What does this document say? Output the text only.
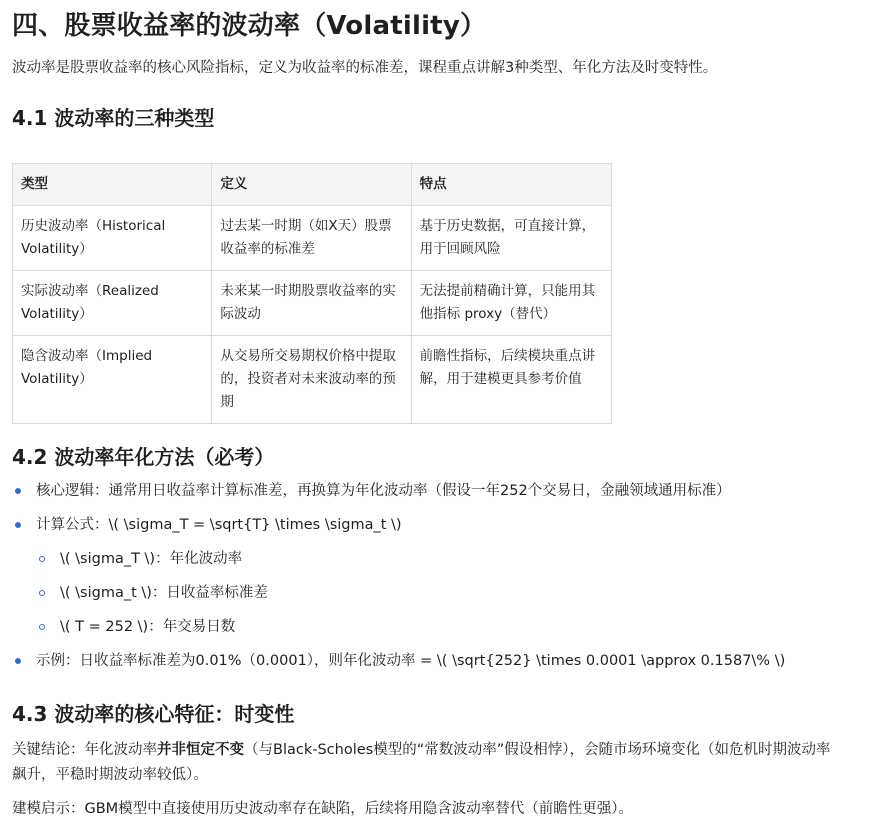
四、股票收益率的波动率（Volatility）

波动率是股票收益率的核心风险指标，定义为收益率的标准差，课程重点讲解3种类型、年化方法及时变特性。

4.1 波动率的三种类型
类型	定义	特点
历史波动率（Historical Volatility）	过去某一时期（如X天）股票收益率的标准差	基于历史数据，可直接计算，用于回顾风险
实际波动率（Realized Volatility）	未来某一时期股票收益率的实际波动	无法提前精确计算，只能用其他指标 proxy（替代）
隐含波动率（Implied Volatility）	从交易所交易期权价格中提取的，投资者对未来波动率的预期	前瞻性指标，后续模块重点讲解，用于建模更具参考价值
4.2 波动率年化方法（必考）
核心逻辑：通常用日收益率计算标准差，再换算为年化波动率（假设一年252个交易日，金融领域通用标准）
计算公式：\( \sigma_T = \sqrt{T} \times \sigma_t \)
\( \sigma_T \)：年化波动率
\( \sigma_t \)：日收益率标准差
\( T = 252 \)：年交易日数
示例：日收益率标准差为0.01%（0.0001），则年化波动率 = \( \sqrt{252} \times 0.0001 \approx 0.1587\% \)
4.3 波动率的核心特征：时变性

关键结论：年化波动率并非恒定不变（与Black-Scholes模型的“常数波动率”假设相悖），会随市场环境变化（如危机时期波动率飙升，平稳时期波动率较低）。

建模启示：GBM模型中直接使用历史波动率存在缺陷，后续将用隐含波动率替代（前瞻性更强）。
